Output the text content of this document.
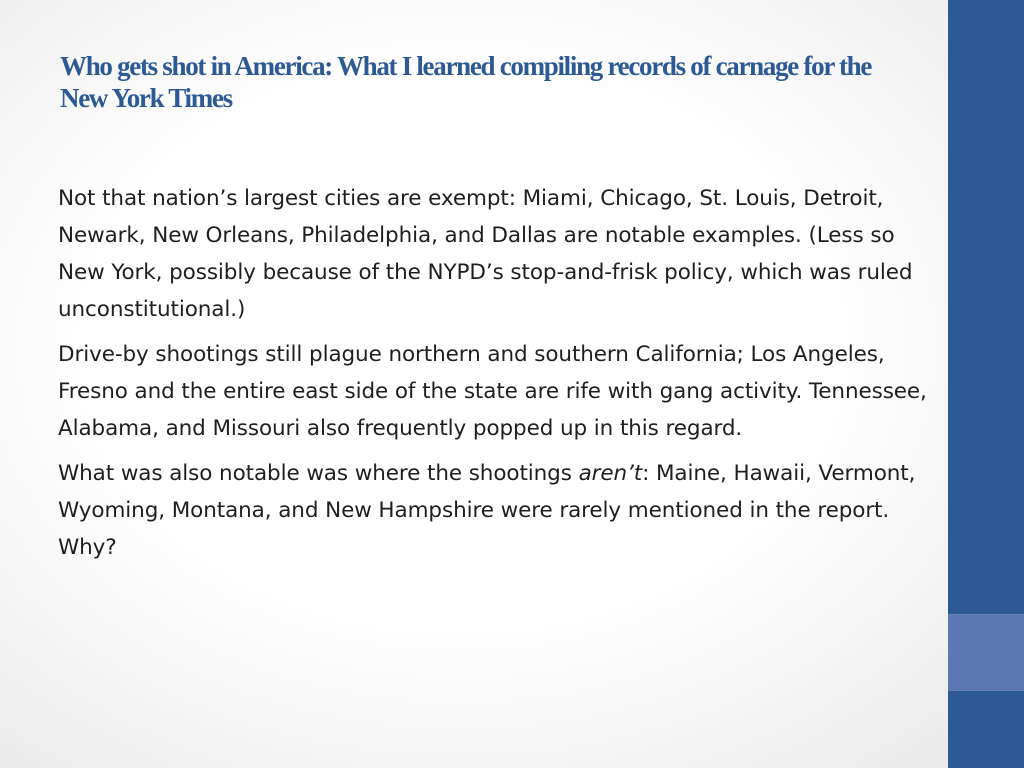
Who gets shot in America: What I learned compiling records of carnage for the New York Times

Not that nation’s largest cities are exempt: Miami, Chicago, St. Louis, Detroit, Newark, New Orleans, Philadelphia, and Dallas are notable examples. (Less so New York, possibly because of the NYPD’s stop-and-frisk policy, which was ruled unconstitutional.)

Drive-by shootings still plague northern and southern California; Los Angeles, Fresno and the entire east side of the state are rife with gang activity. Tennessee, Alabama, and Missouri also frequently popped up in this regard.

What was also notable was where the shootings aren’t: Maine, Hawaii, Vermont, Wyoming, Montana, and New Hampshire were rarely mentioned in the report. Why?
